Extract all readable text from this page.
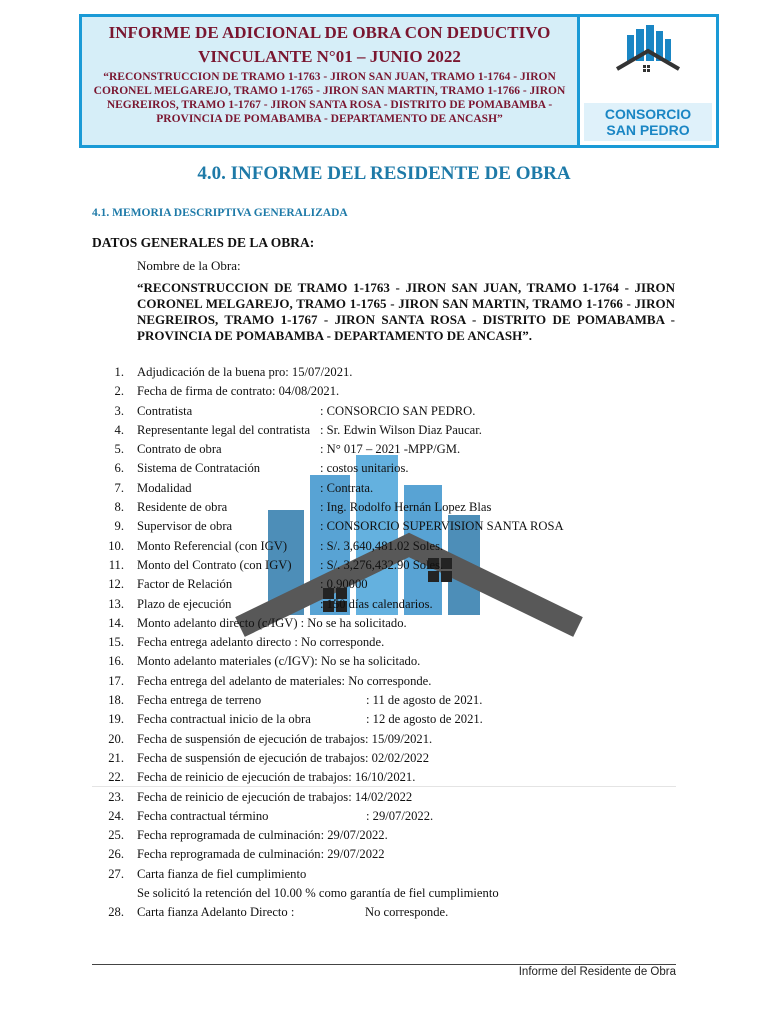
INFORME DE ADICIONAL DE OBRA CON DEDUCTIVO
VINCULANTE N°01 – JUNIO 2022
“RECONSTRUCCION DE TRAMO 1-1763 - JIRON SAN JUAN, TRAMO 1-1764 - JIRON CORONEL MELGAREJO, TRAMO 1-1765 - JIRON SAN MARTIN, TRAMO 1-1766 - JIRON NEGREIROS, TRAMO 1-1767 - JIRON SANTA ROSA - DISTRITO DE POMABAMBA - PROVINCIA DE POMABAMBA - DEPARTAMENTO DE ANCASH”	CONSORCIO
SAN PEDRO
4.0. INFORME DEL RESIDENTE DE OBRA
4.1. MEMORIA DESCRIPTIVA GENERALIZADA
DATOS GENERALES DE LA OBRA:
Nombre de la Obra:
“RECONSTRUCCION DE TRAMO 1-1763 - JIRON SAN JUAN, TRAMO 1-1764 - JIRON CORONEL MELGAREJO, TRAMO 1-1765 - JIRON SAN MARTIN, TRAMO 1-1766 - JIRON NEGREIROS, TRAMO 1-1767 - JIRON SANTA ROSA - DISTRITO DE POMABAMBA - PROVINCIA DE POMABAMBA - DEPARTAMENTO DE ANCASH”.
1. Adjudicación de la buena pro: 15/07/2021.
2. Fecha de firma de contrato: 04/08/2021.
3. Contratista	: CONSORCIO SAN PEDRO.
4. Representante legal del contratista : Sr. Edwin Wilson Diaz Paucar.
5. Contrato de obra	: N° 017 – 2021 -MPP/GM.
6. Sistema de Contratación	: costos unitarios.
7. Modalidad	: Contrata.
8. Residente de obra	: Ing. Rodolfo Hernán Lopez Blas
9. Supervisor de obra	: CONSORCIO SUPERVISION SANTA ROSA
10. Monto Referencial (con IGV)	: S/. 3,640,481.02 Soles.
11. Monto del Contrato (con IGV) : S/. 3,276,432.90 Soles.
12. Factor de Relación	: 0.90000
13. Plazo de ejecución	: 150 días calendarios.
14. Monto adelanto directo (c/IGV) : No se ha solicitado.
15. Fecha entrega adelanto directo : No corresponde.
16. Monto adelanto materiales (c/IGV): No se ha solicitado.
17. Fecha entrega del adelanto de materiales: No corresponde.
18. Fecha entrega de terreno	: 11 de agosto de 2021.
19. Fecha contractual inicio de la obra	: 12 de agosto de 2021.
20. Fecha de suspensión de ejecución de trabajos: 15/09/2021.
21. Fecha de suspensión de ejecución de trabajos: 02/02/2022
22. Fecha de reinicio de ejecución de trabajos: 16/10/2021.
23. Fecha de reinicio de ejecución de trabajos: 14/02/2022
24. Fecha contractual término	: 29/07/2022.
25. Fecha reprogramada de culminación: 29/07/2022.
26. Fecha reprogramada de culminación: 29/07/2022
27. Carta fianza de fiel cumplimiento
Se solicitó la retención del 10.00 % como garantía de fiel cumplimiento
28. Carta fianza Adelanto Directo :	No corresponde.
Informe del Residente de Obra
